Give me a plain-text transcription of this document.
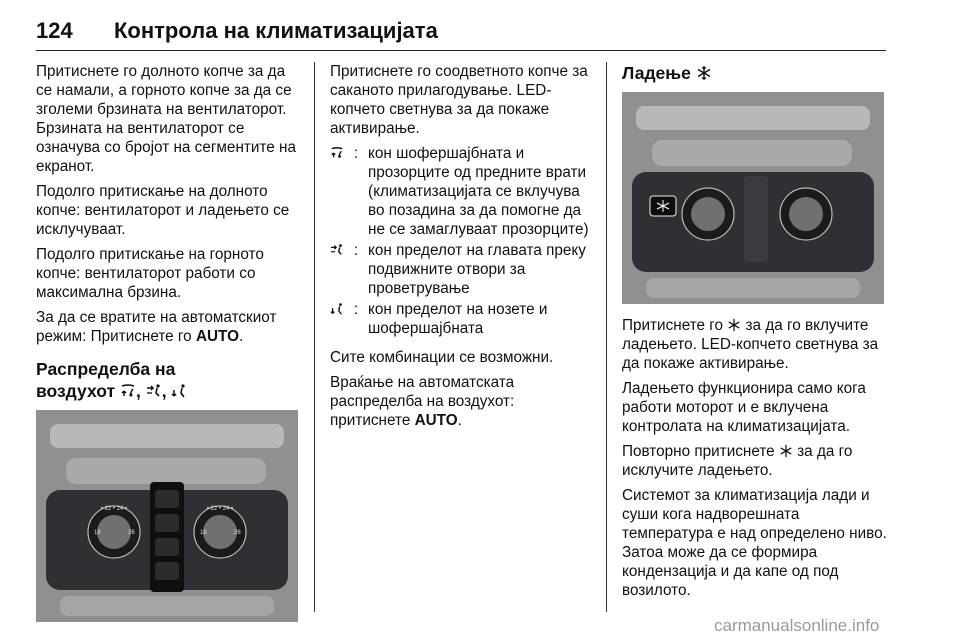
124 Контрола на климатизацијата

Притиснете го долното копче за да се намали, а горното копче за да се зголеми брзината на вентилаторот. Брзината на вентилаторот се означува со бројот на сегментите на екранот.

Подолго притискање на долното копче: вентилаторот и ладењето се исклучуваат.

Подолго притискање на горното копче: вентилаторот работи со максимална брзина.

За да се вратите на автоматскиот режим: Притиснете го AUTO.

Распределба на
воздухот , ,
• 22 • 24 •	• 22 • 24 •
18	18
26	26

Притиснете го соодветното копче за саканото прилагодување. LED-копчето светнува за да покаже активирање.

: кон шофершајбната и прозорците од предните врати (климатизацијата се вклучува во позадина за да помогне да не се замаглуваат прозорците)
: кон пределот на главата преку подвижните отвори за проветрување
: кон пределот на нозете и шофершајбната

Сите комбинации се возможни.

Враќање на автоматската распределба на воздухот: притиснете AUTO.

Ладење

Притиснете го  за да го вклучите ладењето. LED-копчето светнува за да покаже активирање.

Ладењето функционира само кога работи моторот и е вклучена контролата на климатизацијата.

Повторно притиснете  за да го исклучите ладењето.

Системот за климатизација лади и суши кога надворешната температура е над определено ниво. Затоа може да се формира кондензација и да капе од под возилото.

carmanualsonline.info
